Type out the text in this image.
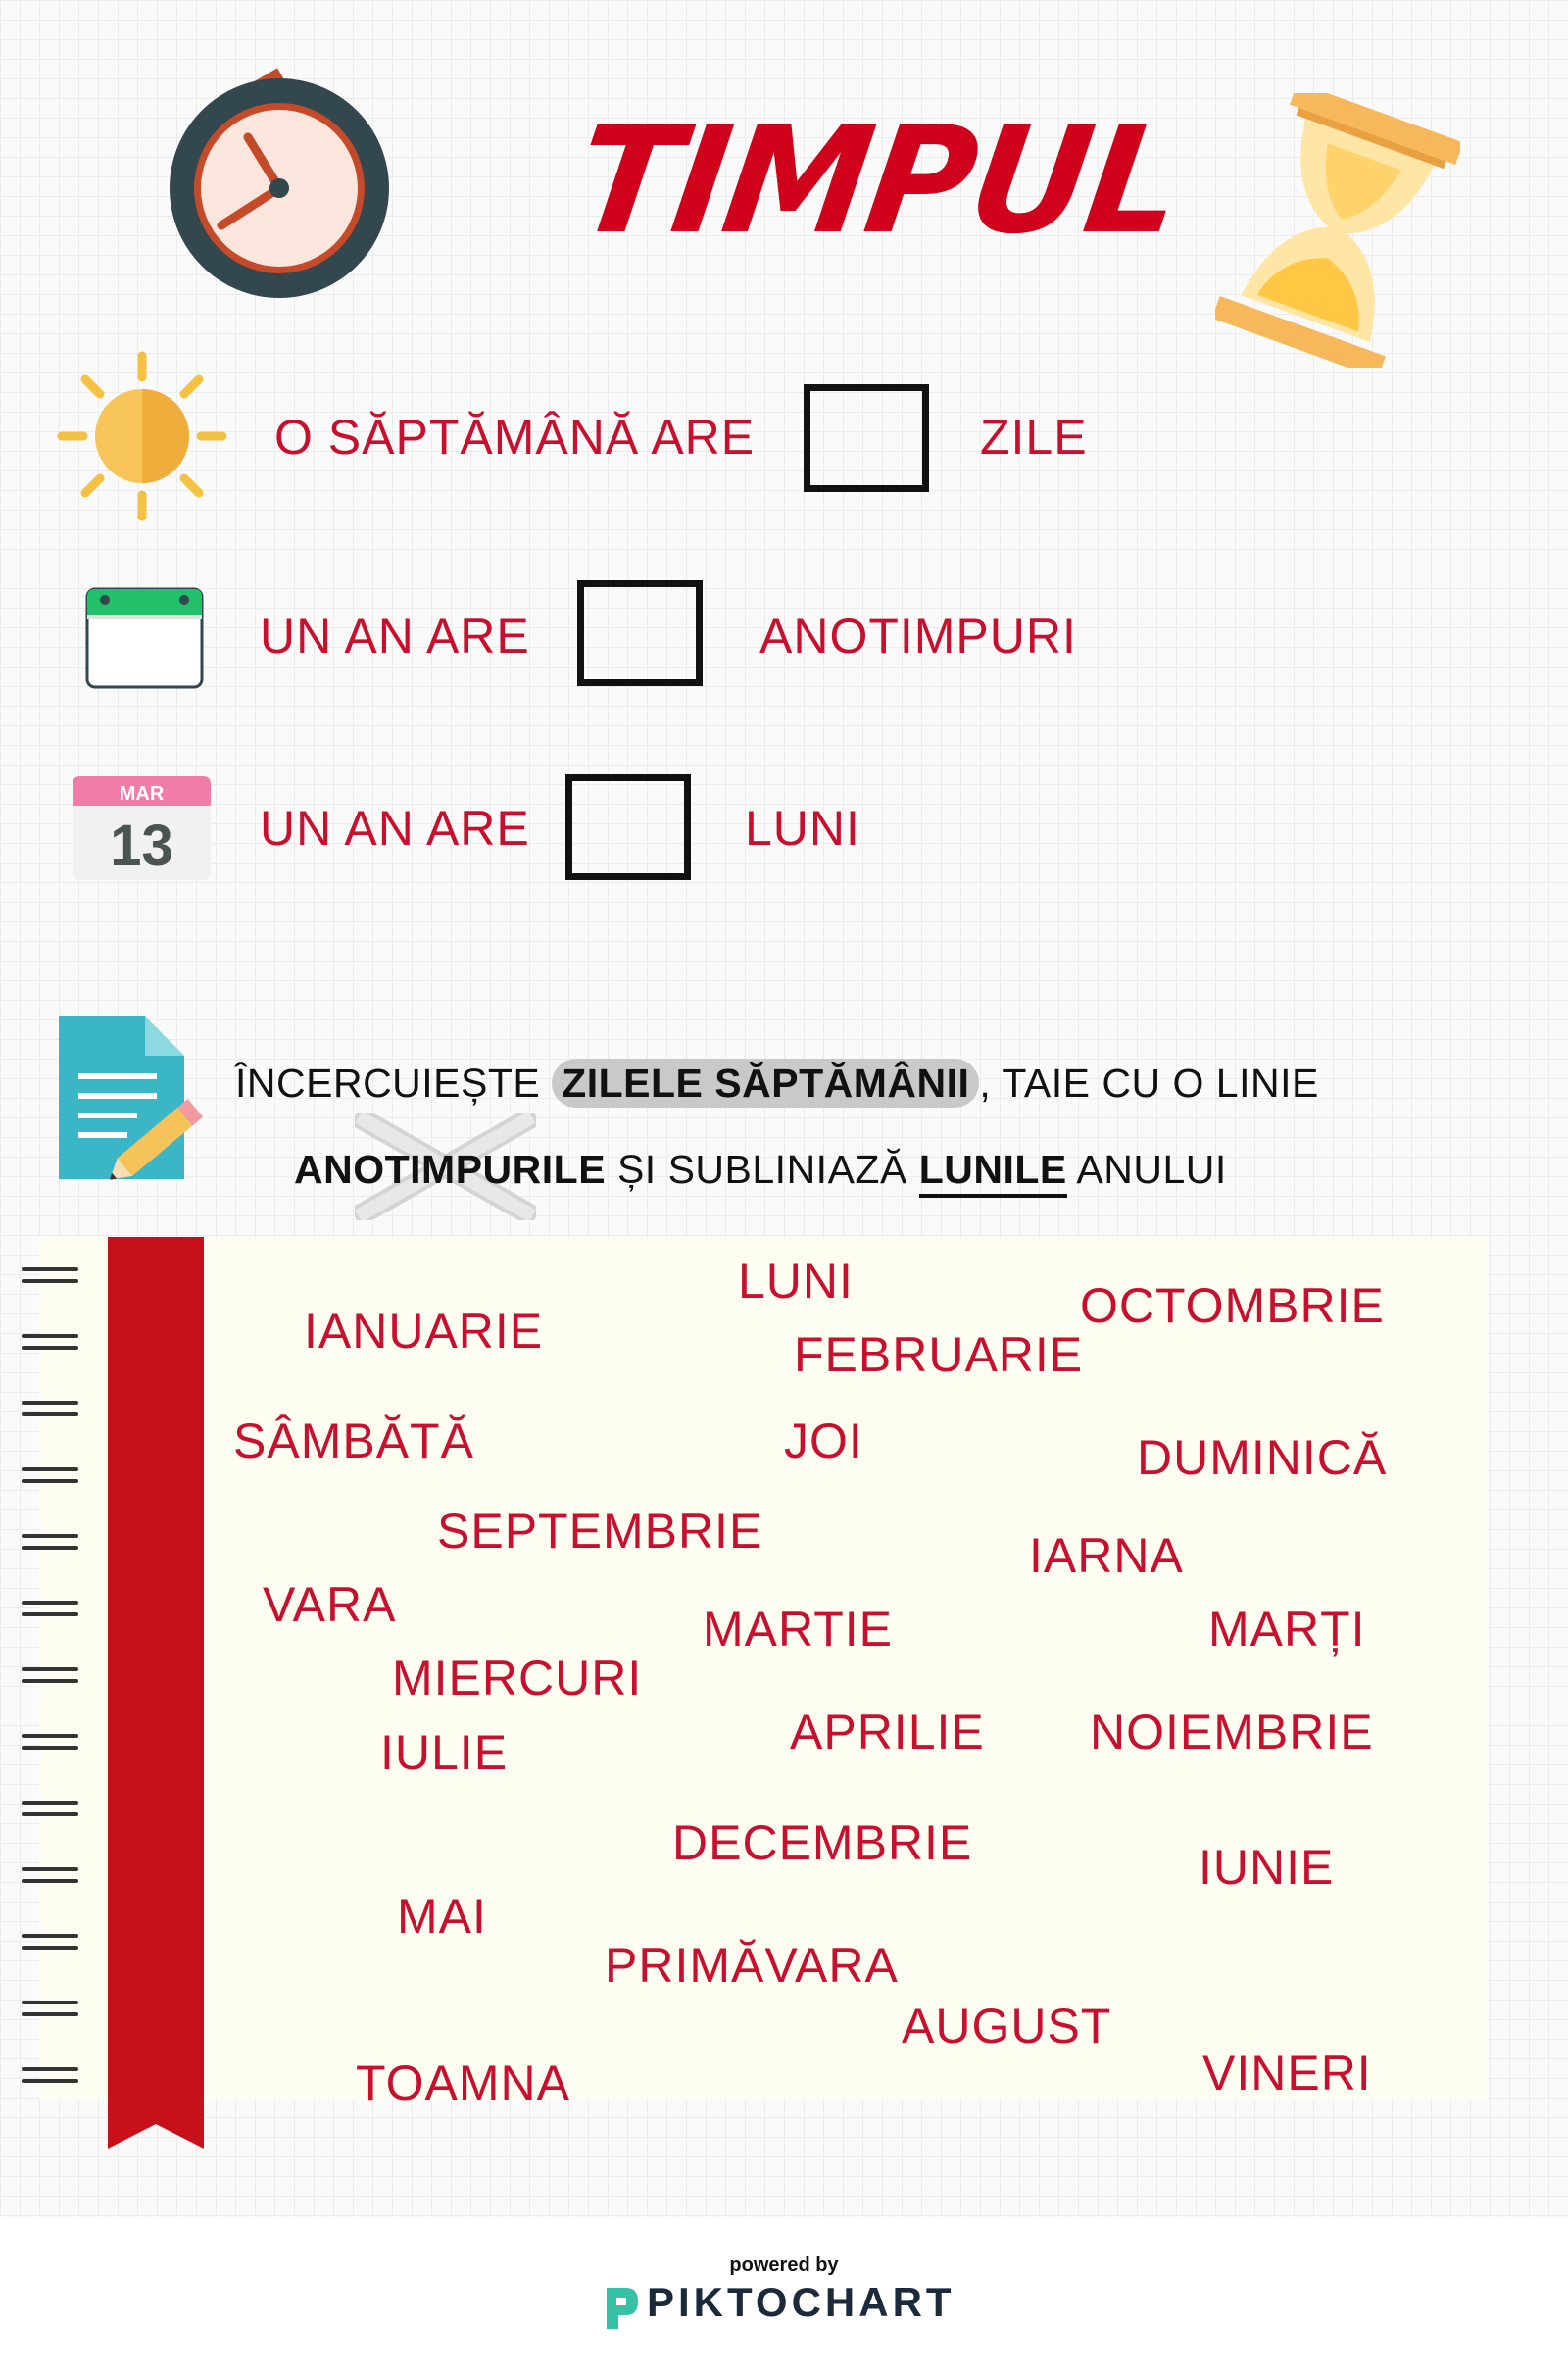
TIMPUL
O SĂPTĂMÂNĂ ARE	ZILE
UN AN ARE	ANOTIMPURI
MAR
13 UN AN ARE	LUNI
ÎNCERCUIEȘTE ZILELE SĂPTĂMÂNII , TAIE CU O LINIE
ANOTIMPURILE ȘI SUBLINIAZĂ LUNILE ANULUI
IANUARIE
LUNI	OCTOMBRIE
FEBRUARIE
SÂMBĂTĂ	JOI	DUMINICĂ
SEPTEMBRIE	IARNA
VARA	MARTIE	MARȚI
MIERCURI
APRILIE NOIEMBRIE
IULIE
DECEMBRIE	IUNIE
MAI
PRIMĂVARA
AUGUST
TOAMNA	VINERI
powered by
PIKTOCHART
